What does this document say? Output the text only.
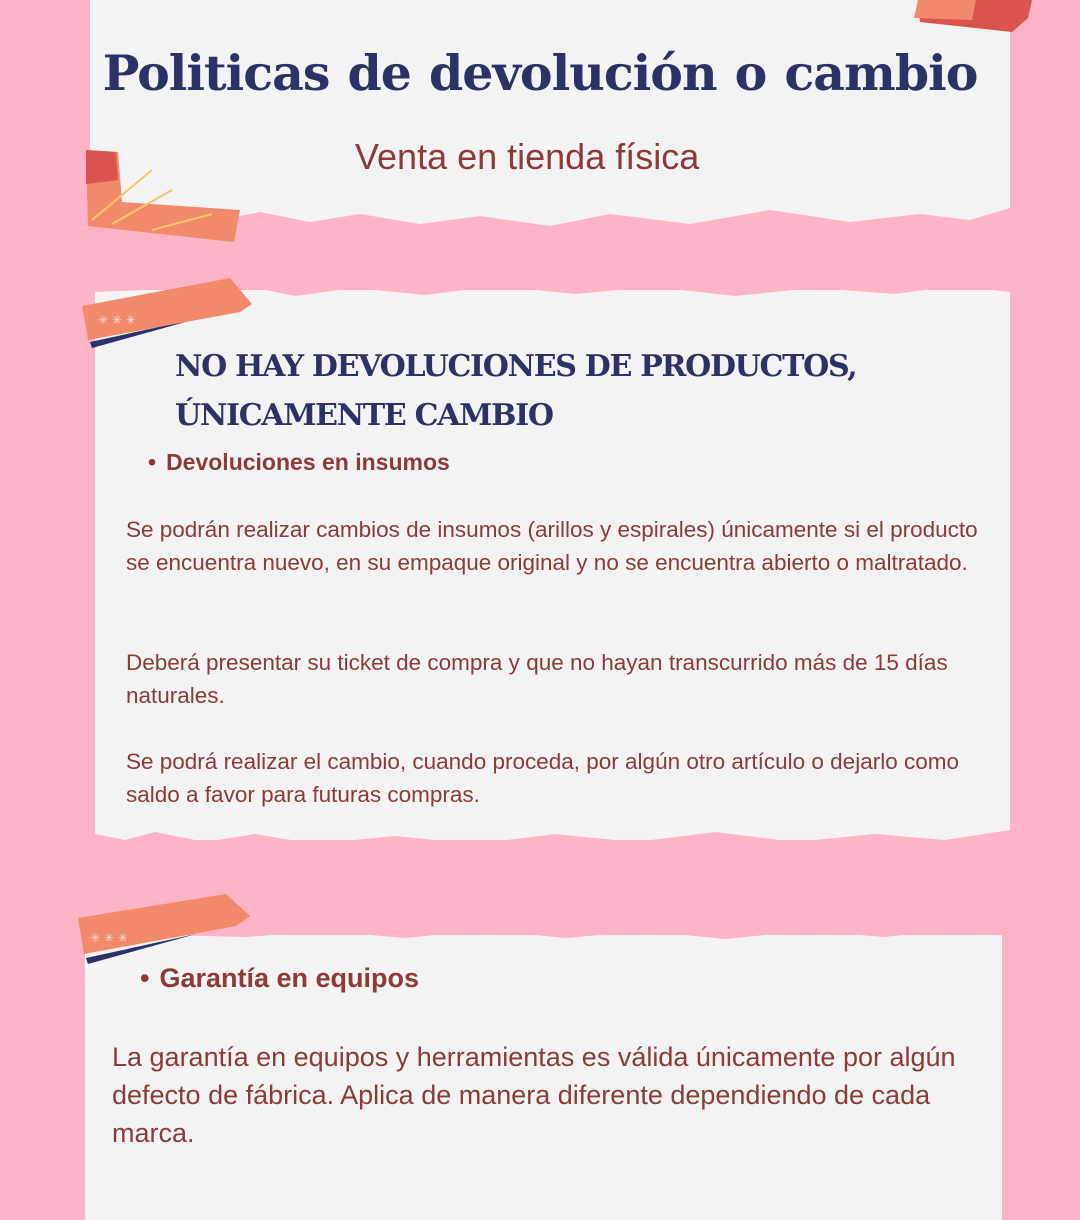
✳ ✳ ✳
✳ ✳ ✳
Politicas de devolución o cambio
Venta en tienda física
NO HAY DEVOLUCIONES DE PRODUCTOS,
ÚNICAMENTE CAMBIO
• Devoluciones en insumos

Se podrán realizar cambios de insumos (arillos y espirales) únicamente si el producto se encuentra nuevo, en su empaque original y no se encuentra abierto o maltratado.

Deberá presentar su ticket de compra y que no hayan transcurrido más de 15 días naturales.

Se podrá realizar el cambio, cuando proceda, por algún otro artículo o dejarlo como saldo a favor para futuras compras.

• Garantía en equipos

La garantía en equipos y herramientas es válida únicamente por algún defecto de fábrica. Aplica de manera diferente dependiendo de cada marca.
